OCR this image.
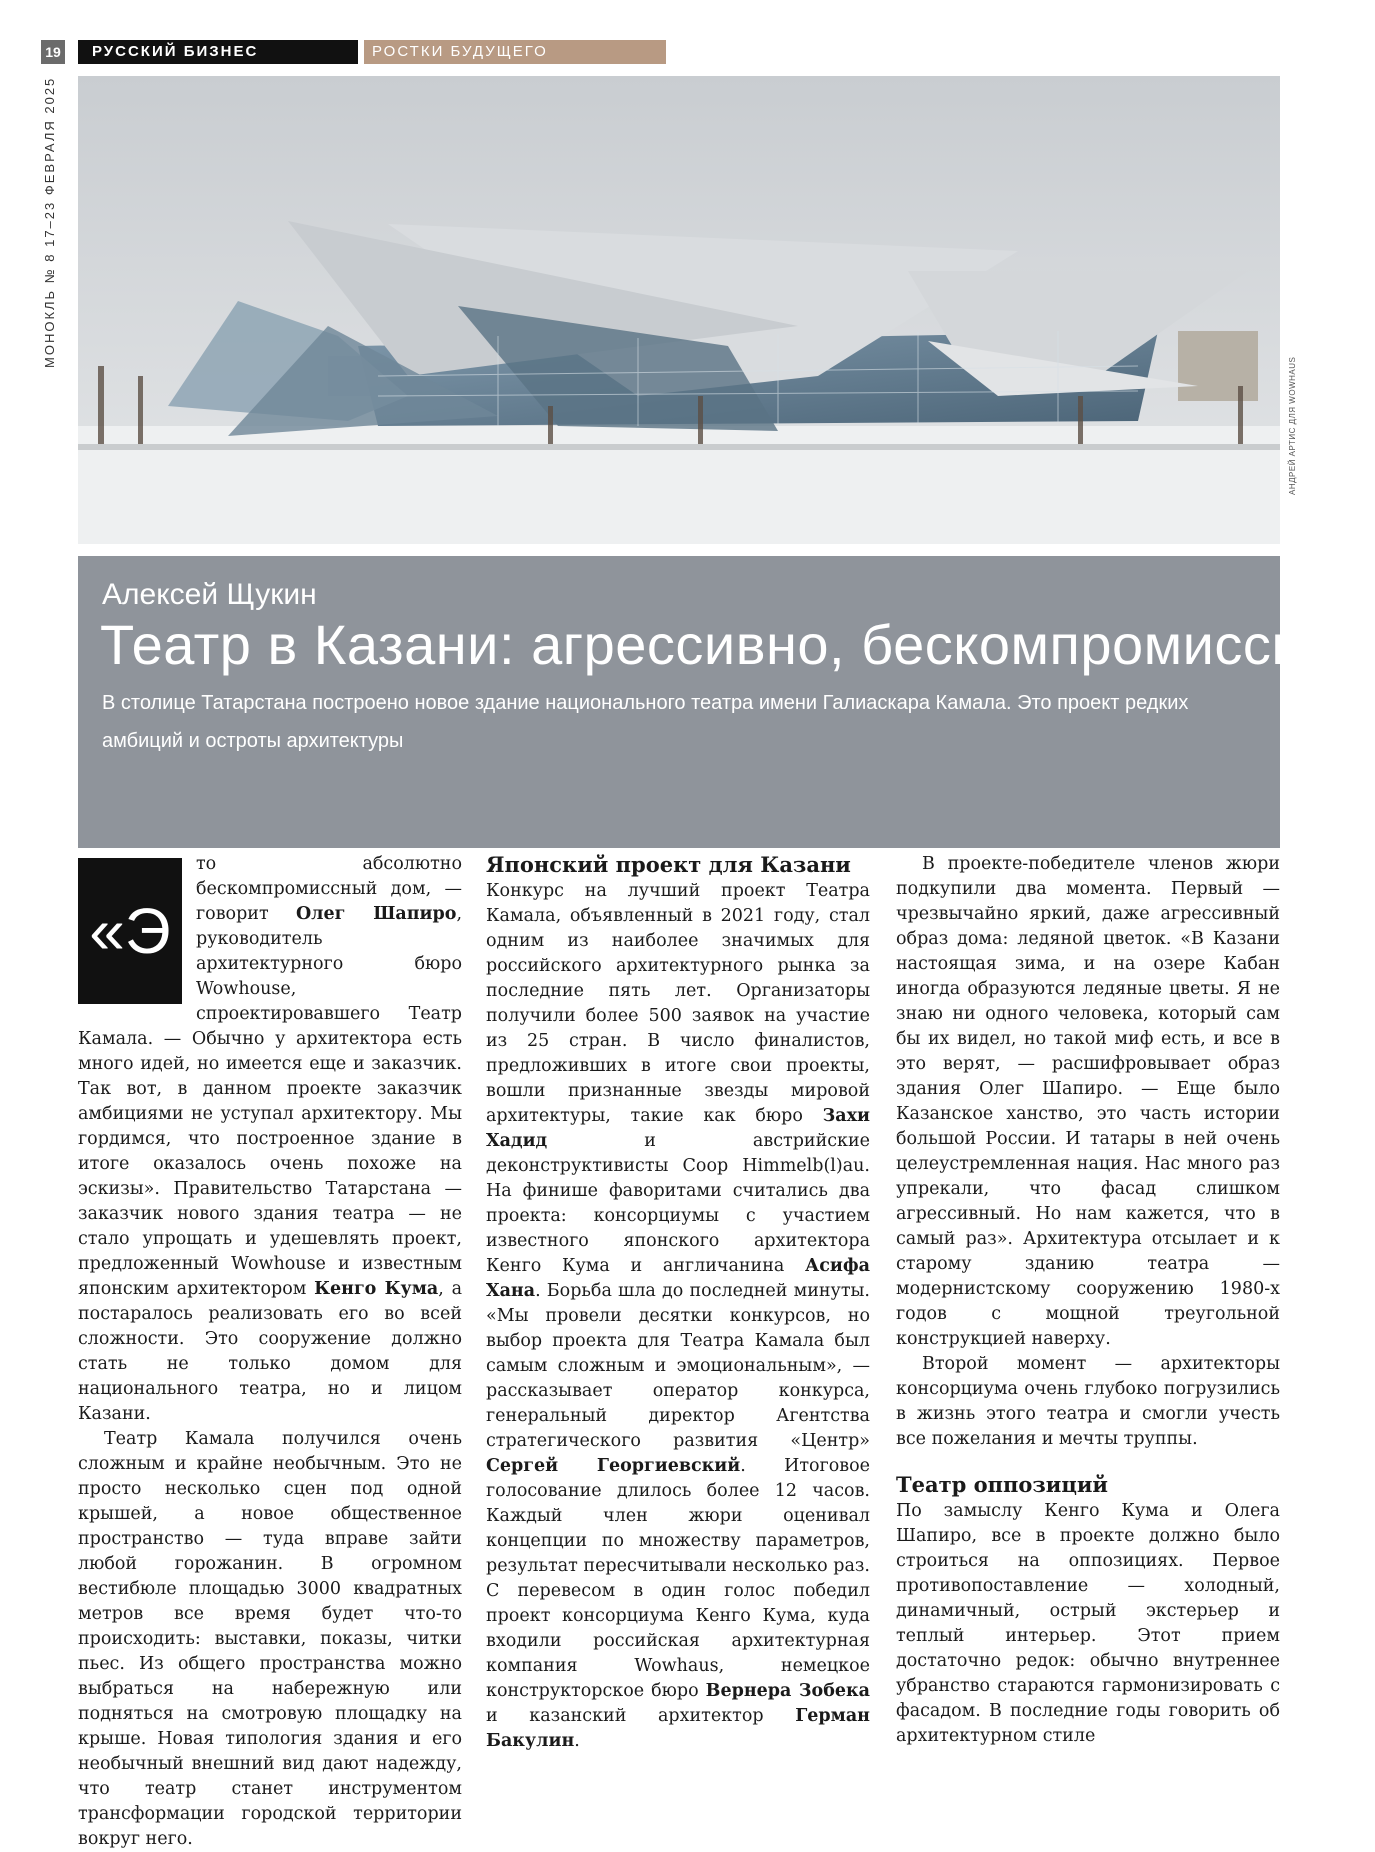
19	РУССКИЙ БИЗНЕС	РОСТКИ БУДУЩЕГО
МОНОКЛЬ № 8 17–23 ФЕВРАЛЯ 2025
АНДРЕЙ АРТИС ДЛЯ WOWHAUS
Алексей Щукин
Театр в Казани: агрессивно, бескомпромиссно
В столице Татарстана построено новое здание национального театра имени Галиаскара Камала. Это проект редких амбиций и остроты архитектуры
«Э

то абсолютно бескомпромиссный дом, — говорит Олег Шапиро, руководитель архитектурного бюро Wowhouse, спроектировавшего Театр Камала. — Обычно у архитектора есть много идей, но имеется еще и заказчик. Так вот, в данном проекте заказчик амбициями не уступал архитектору. Мы гордимся, что построенное здание в итоге оказалось очень похоже на эскизы». Правительство Татарстана — заказчик нового здания театра — не стало упрощать и удешевлять проект, предложенный Wowhouse и известным японским архитектором Кенго Кума, а постаралось реализовать его во всей сложности. Это сооружение должно стать не только домом для национального театра, но и лицом Казани.

Театр Камала получился очень сложным и крайне необычным. Это не просто несколько сцен под одной крышей, а новое общественное пространство — туда вправе зайти любой горожанин. В огромном вестибюле площадью 3000 квадратных метров все время будет что-то происходить: выставки, показы, читки пьес. Из общего пространства можно выбраться на набережную или подняться на смотровую площадку на крыше. Новая типология здания и его необычный внешний вид дают надежду, что театр станет инструментом трансформации городской территории вокруг него.

Японский проект для Казани

Конкурс на лучший проект Театра Камала, объявленный в 2021 году, стал одним из наиболее значимых для российского архитектурного рынка за последние пять лет. Организаторы получили более 500 заявок на участие из 25 стран. В число финалистов, предложивших в итоге свои проекты, вошли признанные звезды мировой архитектуры, такие как бюро Захи Хадид и австрийские деконструктивисты Coop Himmelb(l)au. На финише фаворитами считались два проекта: консорциумы с участием известного японского архитектора Кенго Кума и англичанина Асифа Хана. Борьба шла до последней минуты. «Мы провели десятки конкурсов, но выбор проекта для Театра Камала был самым сложным и эмоциональным», — рассказывает оператор конкурса, генеральный директор Агентства стратегического развития «Центр» Сергей Георгиевский. Итоговое голосование длилось более 12 часов. Каждый член жюри оценивал концепции по множеству параметров, результат пересчитывали несколько раз. С перевесом в один голос победил проект консорциума Кенго Кума, куда входили российская архитектурная компания Wowhaus, немецкое конструкторское бюро Вернера Зобека и казанский архитектор Герман Бакулин.

В проекте-победителе членов жюри подкупили два момента. Первый — чрезвычайно яркий, даже агрессивный образ дома: ледяной цветок. «В Казани настоящая зима, и на озере Кабан иногда образуются ледяные цветы. Я не знаю ни одного человека, который сам бы их видел, но такой миф есть, и все в это верят, — расшифровывает образ здания Олег Шапиро. — Еще было Казанское ханство, это часть истории большой России. И татары в ней очень целеустремленная нация. Нас много раз упрекали, что фасад слишком агрессивный. Но нам кажется, что в самый раз». Архитектура отсылает и к старому зданию театра — модернистскому сооружению 1980-х годов с мощной треугольной конструкцией наверху.

Второй момент — архитекторы консорциума очень глубоко погрузились в жизнь этого театра и смогли учесть все пожелания и мечты труппы.

Театр оппозиций

По замыслу Кенго Кума и Олега Шапиро, все в проекте должно было строиться на оппозициях. Первое противопоставление — холодный, динамичный, острый экстерьер и теплый интерьер. Этот прием достаточно редок: обычно внутреннее убранство стараются гармонизировать с фасадом. В последние годы говорить об архитектурном стиле
